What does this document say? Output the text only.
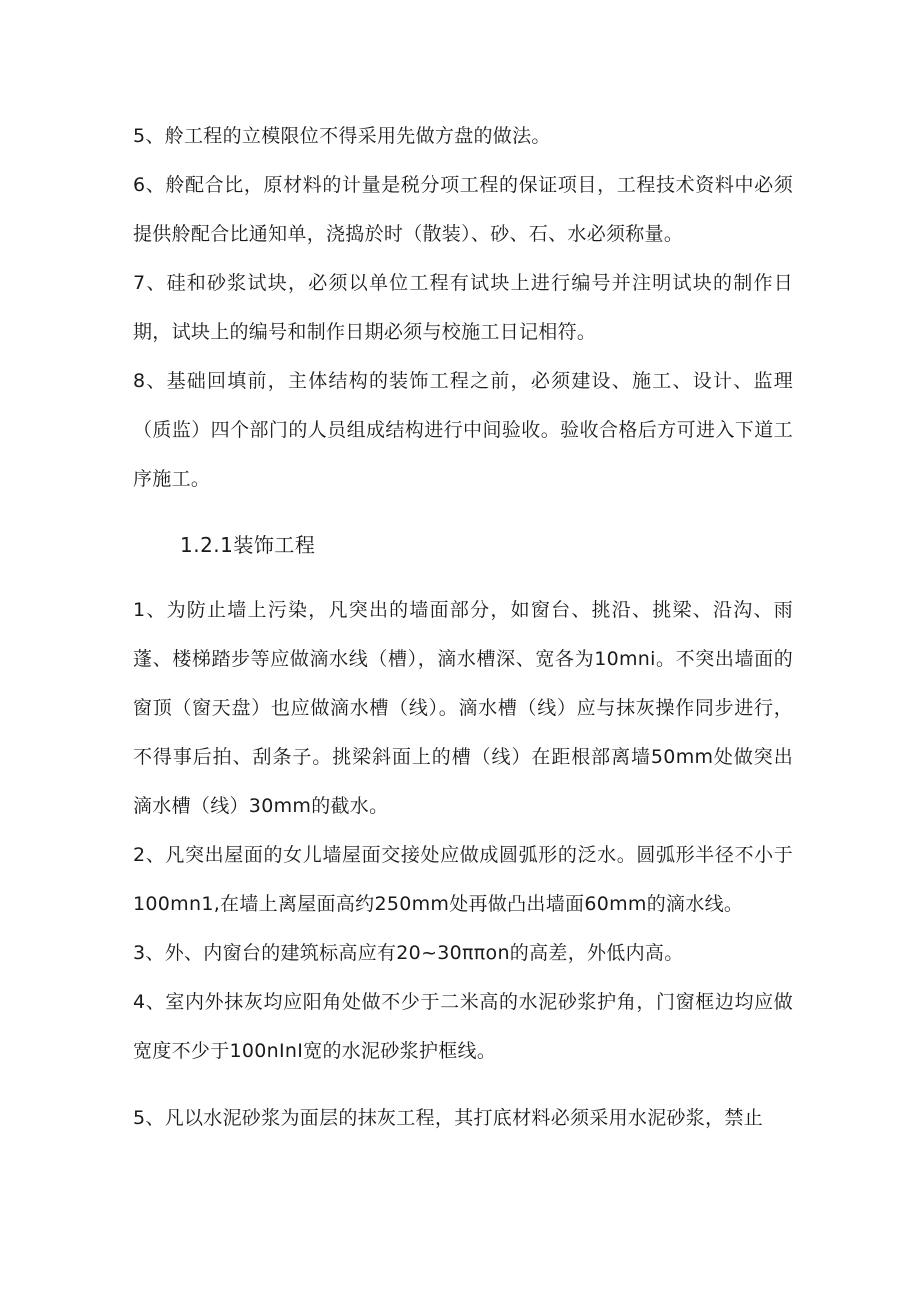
5、舲工程的立模限位不得采用先做方盘的做法。

6、舲配合比，原材料的计量是税分项工程的保证项目，工程技术资料中必须提供舲配合比通知单，浇捣於时（散装）、砂、石、水必须称量。

7、硅和砂浆试块，必须以单位工程有试块上进行编号并注明试块的制作日期，试块上的编号和制作日期必须与校施工日记相符。

8、基础回填前，主体结构的装饰工程之前，必须建设、施工、设计、监理（质监）四个部门的人员组成结构进行中间验收。验收合格后方可进入下道工序施工。

1.2.1装饰工程

1、为防止墙上污染，凡突出的墙面部分，如窗台、挑沿、挑梁、沿沟、雨蓬、楼梯踏步等应做滴水线（槽），滴水槽深、宽各为10mni。不突出墙面的窗顶（窗天盘）也应做滴水槽（线）。滴水槽（线）应与抹灰操作同步进行，不得事后拍、刮条子。挑梁斜面上的槽（线）在距根部离墙50mm处做突出滴水槽（线）30mm的截水。

2、凡突出屋面的女儿墙屋面交接处应做成圆弧形的泛水。圆弧形半径不小于100mn1,在墙上离屋面高约250mm处再做凸出墙面60mm的滴水线。

3、外、内窗台的建筑标高应有20~30πποn的高差，外低内高。

4、室内外抹灰均应阳角处做不少于二米高的水泥砂浆护角，门窗框边均应做宽度不少于100nInI宽的水泥砂浆护框线。

5、凡以水泥砂浆为面层的抹灰工程，其打底材料必须采用水泥砂浆，禁止
